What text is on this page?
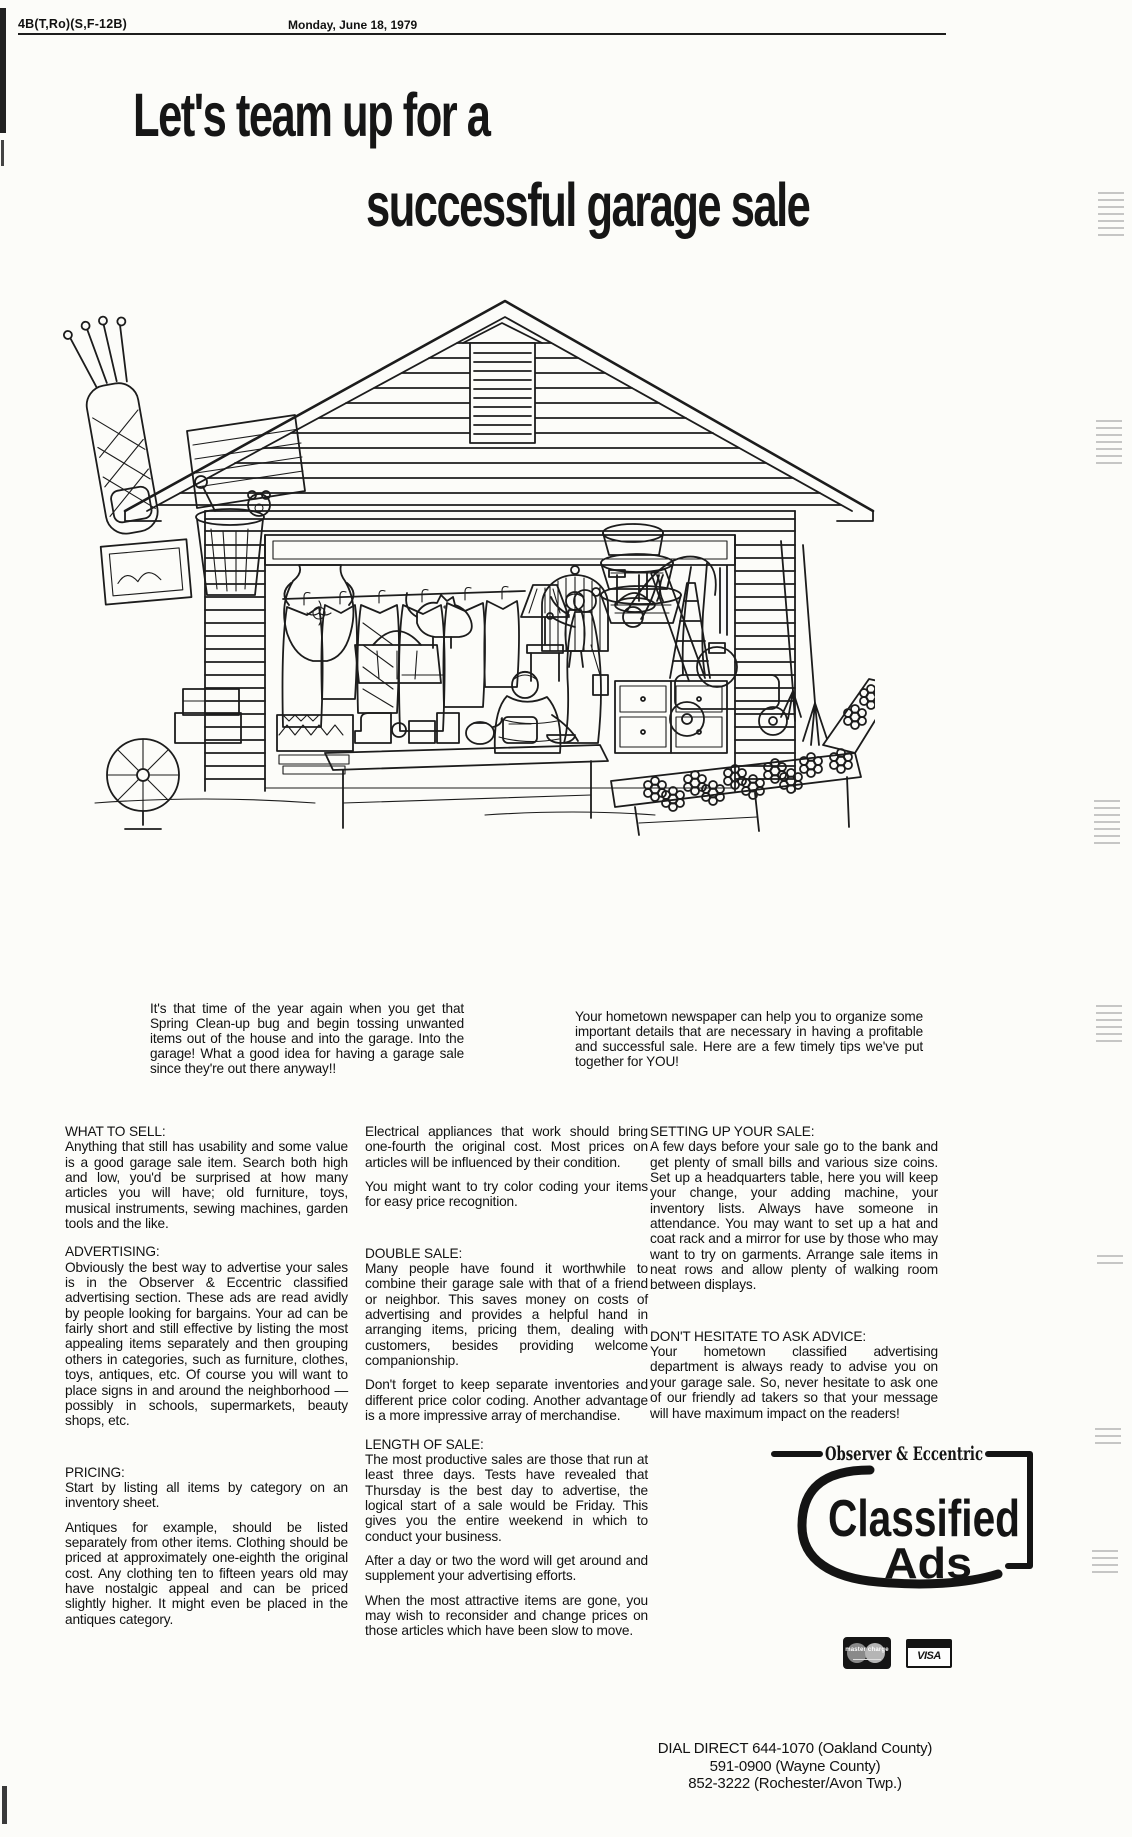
4B(T,Ro)(S,F-12B)	Monday, June 18, 1979
Let's team up for a
successful garage sale
It's that time of the year again when you get that Spring Clean-up bug and begin tossing unwanted items out of the house and into the garage. Into the garage! What a good idea for having a garage sale since they're out there anyway!!
Your hometown newspaper can help you to organize some important details that are necessary in having a profitable and successful sale. Here are a few timely tips we've put together for YOU!

WHAT TO SELL:

Anything that still has usability and some value is a good garage sale item. Search both high and low, you'd be surprised at how many articles you will have; old furniture, toys, musical instruments, sewing machines, garden tools and the like.

ADVERTISING:

Obviously the best way to advertise your sales is in the Observer & Eccentric classified advertising section. These ads are read avidly by people looking for bargains. Your ad can be fairly short and still effective by listing the most appealing items separately and then grouping others in categories, such as furniture, clothes, toys, antiques, etc. Of course you will want to place signs in and around the neighborhood — possibly in schools, supermarkets, beauty shops, etc.

PRICING:

Start by listing all items by category on an inventory sheet.

Antiques for example, should be listed separately from other items. Clothing should be priced at approximately one-eighth the original cost. Any clothing ten to fifteen years old may have nostalgic appeal and can be priced slightly higher. It might even be placed in the antiques category.

Electrical appliances that work should bring one-fourth the original cost. Most prices on articles will be influenced by their condition.

You might want to try color coding your items for easy price recognition.

DOUBLE SALE:

Many people have found it worthwhile to combine their garage sale with that of a friend or neighbor. This saves money on costs of advertising and provides a helpful hand in arranging items, pricing them, dealing with customers, besides providing welcome companionship.

Don't forget to keep separate inventories and different price color coding. Another advantage is a more impressive array of merchandise.

LENGTH OF SALE:

The most productive sales are those that run at least three days. Tests have revealed that Thursday is the best day to advertise, the logical start of a sale would be Friday. This gives you the entire weekend in which to conduct your business.

After a day or two the word will get around and supplement your advertising efforts.

When the most attractive items are gone, you may wish to reconsider and change prices on those articles which have been slow to move.

SETTING UP YOUR SALE:

A few days before your sale go to the bank and get plenty of small bills and various size coins. Set up a headquarters table, here you will keep your change, your adding machine, your inventory lists. Always have someone in attendance. You may want to set up a hat and coat rack and a mirror for use by those who may want to try on garments. Arrange sale items in neat rows and allow plenty of walking room between displays.

DON'T HESITATE TO ASK ADVICE:

Your hometown classified advertising department is always ready to advise you on your garage sale. So, never hesitate to ask one of our friendly ad takers so that your message will have maximum impact on the readers!

Observer & Eccentric
Classified
Ads
master charge	VISA
DIAL DIRECT 644-1070 (Oakland County)
591-0900 (Wayne County)
852-3222 (Rochester/Avon Twp.)
